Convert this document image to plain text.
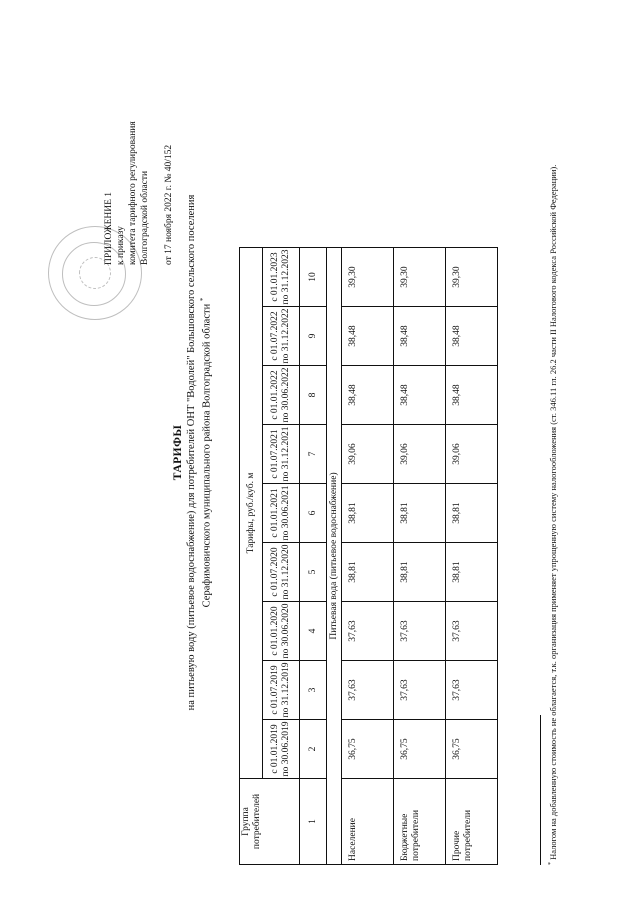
ПРИЛОЖЕНИЕ 1 к приказу комитета тарифного регулирования Волгоградской области от 17 ноября 2022 г. № 40/152
ТАРИФЫ на питьевую воду (питьевое водоснабжение) для потребителей ОНТ "Водолей" Большовского сельского поселения Серафимовичского муниципального района Волгоградской области *
Группа потребителей	Тарифы, руб./куб. м								
	с 01.01.2019 по 30.06.2019	с 01.07.2019 по 31.12.2019	с 01.01.2020 по 30.06.2020	с 01.07.2020 по 31.12.2020	с 01.01.2021 по 30.06.2021	с 01.07.2021 по 31.12.2021	с 01.01.2022 по 30.06.2022	с 01.07.2022 по 31.12.2022	с 01.01.2023 по 31.12.2023
1	2	3	4	5	6	7	8	9	10
Питьевая вода (питьевое водоснабжение)									
Население	36,75	37,63	37,63	38,81	38,81	39,06	38,48	38,48	39,30
Бюджетные потребители	36,75	37,63	37,63	38,81	38,81	39,06	38,48	38,48	39,30
Прочие потребители	36,75	37,63	37,63	38,81	38,81	39,06	38,48	38,48	39,30
* Налогом на добавленную стоимость не облагается, т.к. организация применяет упрощенную систему налогообложения (ст. 346.11 гл. 26.2 части II Налогового кодекса Российской Федерации).
